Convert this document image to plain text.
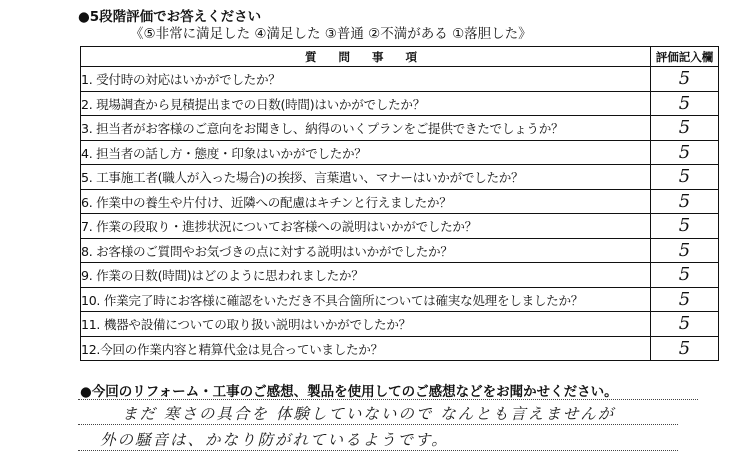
●5段階評価でお答えください
《⑤非常に満足した ④満足した ③普通 ②不満がある ①落胆した》
質 問 事 項	評価記入欄
1. 受付時の対応はいかがでしたか？	5
2. 現場調査から見積提出までの日数(時間)はいかがでしたか？	5
3. 担当者がお客様のご意向をお聞きし、納得のいくプランをご提供できたでしょうか？	5
4. 担当者の話し方・態度・印象はいかがでしたか？	5
5. 工事施工者(職人が入った場合)の挨拶、言葉遣い、マナーはいかがでしたか？	5
6. 作業中の養生や片付け、近隣への配慮はキチンと行えましたか？	5
7. 作業の段取り・進捗状況についてお客様への説明はいかがでしたか？	5
8. お客様のご質問やお気づきの点に対する説明はいかがでしたか？	5
9. 作業の日数(時間)はどのように思われましたか？	5
10. 作業完了時にお客様に確認をいただき不具合箇所については確実な処理をしましたか？	5
11. 機器や設備についての取り扱い説明はいかがでしたか？	5
12.今回の作業内容と精算代金は見合っていましたか？	5
●今回のリフォーム・工事のご感想、製品を使用してのご感想などをお聞かせください。
まだ 寒さの具合を 体験していないので なんとも言えませんが
外の騒音は、かなり防がれているようです。
